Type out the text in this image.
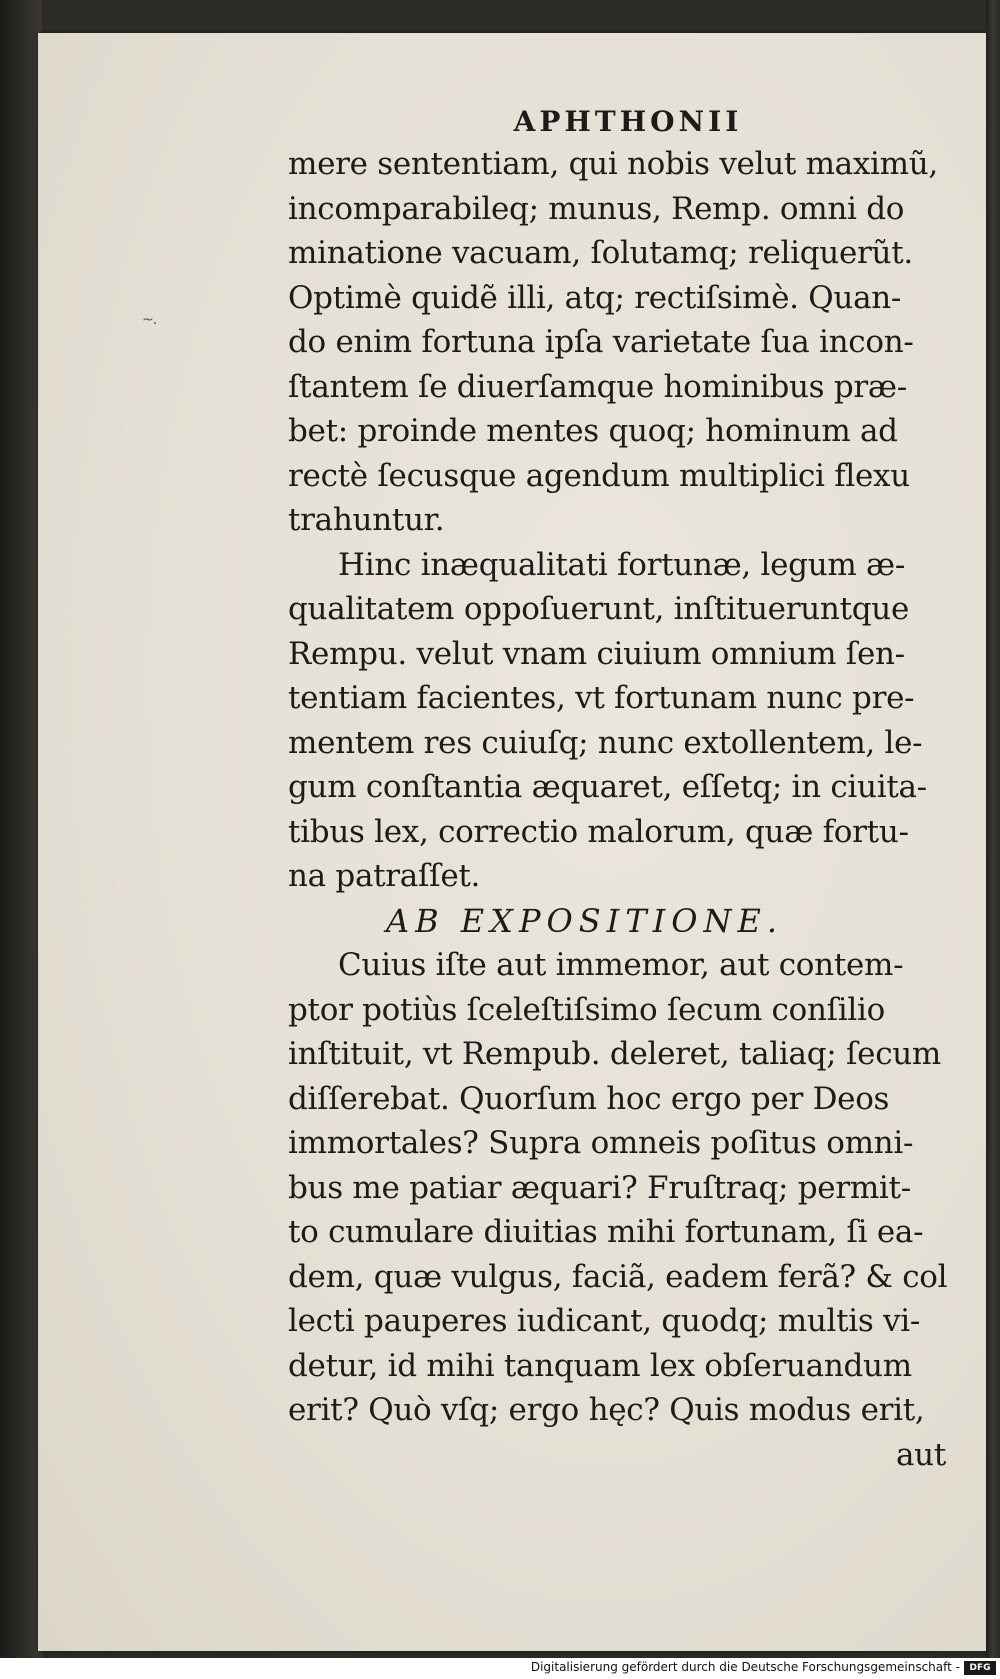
~.
APHTHONII
mere sententiam, qui nobis velut maximũ,
incomparabileq; munus, Remp. omni do
minatione vacuam, ſolutamq; reliquerũt.
Optimè quidẽ illi, atq; rectiſsimè. Quan-
do enim fortuna ipſa varietate ſua incon-
ſtantem ſe diuerſamque hominibus præ-
bet: proinde mentes quoq; hominum ad
rectè ſecusque agendum multiplici flexu
trahuntur.
Hinc inæqualitati fortunæ, legum æ-
qualitatem oppoſuerunt, inſtitueruntque
Rempu. velut vnam ciuium omnium ſen-
tentiam facientes, vt fortunam nunc pre-
mentem res cuiuſq; nunc extollentem, le-
gum conſtantia æquaret, eſſetq; in ciuita-
tibus lex, correctio malorum, quæ fortu-
na patraſſet.
AB EXPOSITIONE.
Cuius iſte aut immemor, aut contem-
ptor potiùs ſceleſtiſsimo ſecum conſilio
inſtituit, vt Rempub. deleret, taliaq; ſecum
diſſerebat. Quorſum hoc ergo per Deos
immortales? Supra omneis poſitus omni-
bus me patiar æquari? Fruſtraq; permit-
to cumulare diuitias mihi fortunam, ſi ea-
dem, quæ vulgus, faciã, eadem ferã? & col
lecti pauperes iudicant, quodq; multis vi-
detur, id mihi tanquam lex obſeruandum
erit? Quò vſq; ergo hęc? Quis modus erit,
aut
Digitalisierung gefördert durch die Deutsche Forschungsgemeinschaft -	DFG
